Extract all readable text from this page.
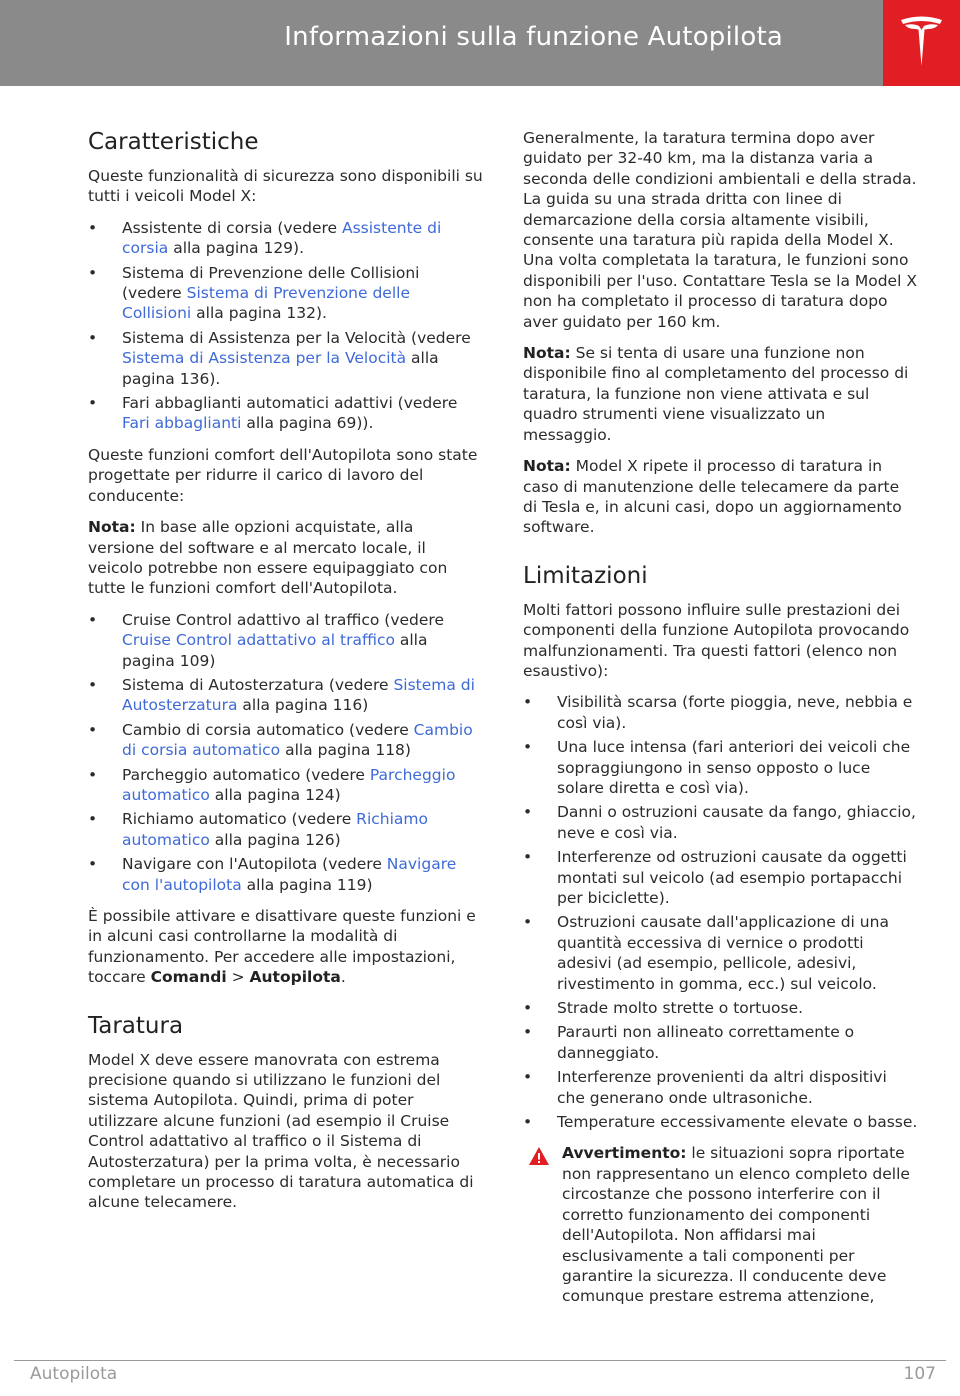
Informazioni sulla funzione Autopilota
Caratteristiche

Queste funzionalità di sicurezza sono disponibili su tutti i veicoli Model X:

• Assistente di corsia (vedere Assistente di corsia alla pagina 129).
• Sistema di Prevenzione delle Collisioni (vedere Sistema di Prevenzione delle Collisioni alla pagina 132).
• Sistema di Assistenza per la Velocità (vedere Sistema di Assistenza per la Velocità alla pagina 136).
• Fari abbaglianti automatici adattivi (vedere Fari abbaglianti alla pagina 69)).

Queste funzioni comfort dell'Autopilota sono state progettate per ridurre il carico di lavoro del conducente:

Nota: In base alle opzioni acquistate, alla versione del software e al mercato locale, il veicolo potrebbe non essere equipaggiato con tutte le funzioni comfort dell'Autopilota.

• Cruise Control adattivo al traffico (vedere Cruise Control adattativo al traffico alla pagina 109)
• Sistema di Autosterzatura (vedere Sistema di Autosterzatura alla pagina 116)
• Cambio di corsia automatico (vedere Cambio di corsia automatico alla pagina 118)
• Parcheggio automatico (vedere Parcheggio automatico alla pagina 124)
• Richiamo automatico (vedere Richiamo automatico alla pagina 126)
• Navigare con l'Autopilota (vedere Navigare con l'autopilota alla pagina 119)

È possibile attivare e disattivare queste funzioni e in alcuni casi controllarne la modalità di funzionamento. Per accedere alle impostazioni, toccare Comandi > Autopilota.

Taratura

Model X deve essere manovrata con estrema precisione quando si utilizzano le funzioni del sistema Autopilota. Quindi, prima di poter utilizzare alcune funzioni (ad esempio il Cruise Control adattativo al traffico o il Sistema di Autosterzatura) per la prima volta, è necessario completare un processo di taratura automatica di alcune telecamere.

Generalmente, la taratura termina dopo aver guidato per 32-40 km, ma la distanza varia a seconda delle condizioni ambientali e della strada. La guida su una strada dritta con linee di demarcazione della corsia altamente visibili, consente una taratura più rapida della Model X. Una volta completata la taratura, le funzioni sono disponibili per l'uso. Contattare Tesla se la Model X non ha completato il processo di taratura dopo aver guidato per 160 km.

Nota: Se si tenta di usare una funzione non disponibile fino al completamento del processo di taratura, la funzione non viene attivata e sul quadro strumenti viene visualizzato un messaggio.

Nota: Model X ripete il processo di taratura in caso di manutenzione delle telecamere da parte di Tesla e, in alcuni casi, dopo un aggiornamento software.

Limitazioni

Molti fattori possono influire sulle prestazioni dei componenti della funzione Autopilota provocando malfunzionamenti. Tra questi fattori (elenco non esaustivo):

• Visibilità scarsa (forte pioggia, neve, nebbia e così via).
• Una luce intensa (fari anteriori dei veicoli che sopraggiungono in senso opposto o luce solare diretta e così via).
• Danni o ostruzioni causate da fango, ghiaccio, neve e così via.
• Interferenze od ostruzioni causate da oggetti montati sul veicolo (ad esempio portapacchi per biciclette).
• Ostruzioni causate dall'applicazione di una quantità eccessiva di vernice o prodotti adesivi (ad esempio, pellicole, adesivi, rivestimento in gomma, ecc.) sul veicolo.
• Strade molto strette o tortuose.
• Paraurti non allineato correttamente o danneggiato.
• Interferenze provenienti da altri dispositivi che generano onde ultrasoniche.
• Temperature eccessivamente elevate o basse.
Avvertimento: le situazioni sopra riportate non rappresentano un elenco completo delle circostanze che possono interferire con il corretto funzionamento dei componenti dell'Autopilota. Non affidarsi mai esclusivamente a tali componenti per garantire la sicurezza. Il conducente deve comunque prestare estrema attenzione,
Autopilota	107
